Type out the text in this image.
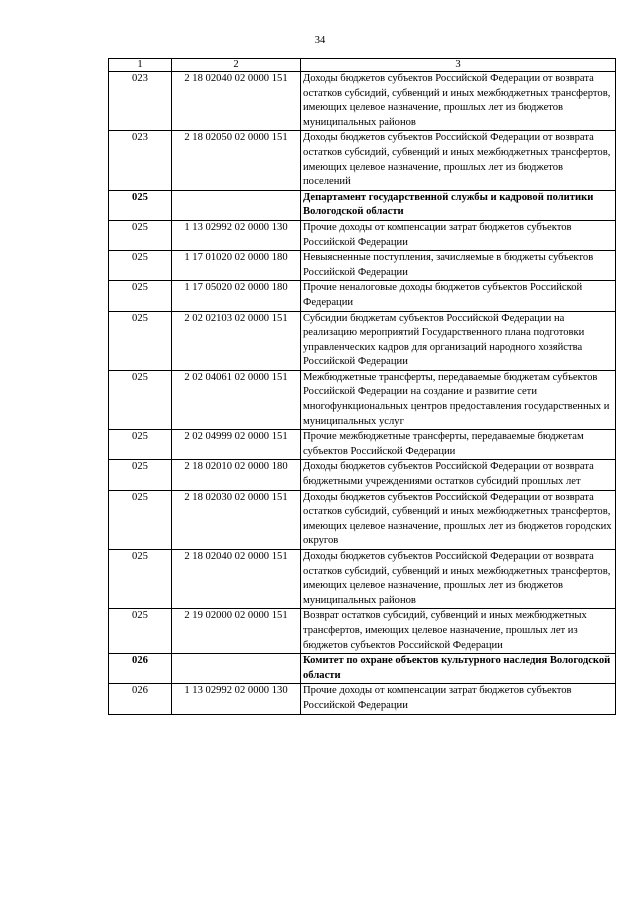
34
1	2	3
023	2 18 02040 02 0000 151	Доходы бюджетов субъектов Российской Федерации от возврата остатков субсидий, субвенций и иных межбюджетных трансфертов, имеющих целевое назначение, прошлых лет из бюджетов муниципальных районов
023	2 18 02050 02 0000 151	Доходы бюджетов субъектов Российской Федерации от возврата остатков субсидий, субвенций и иных межбюджетных трансфертов, имеющих целевое назначение, прошлых лет из бюджетов поселений
025		Департамент государственной службы и кадровой политики Вологодской области
025	1 13 02992 02 0000 130	Прочие доходы от компенсации затрат бюджетов субъектов Российской Федерации
025	1 17 01020 02 0000 180	Невыясненные поступления, зачисляемые в бюджеты субъектов Российской Федерации
025	1 17 05020 02 0000 180	Прочие неналоговые доходы бюджетов субъектов Российской Федерации
025	2 02 02103 02 0000 151	Субсидии бюджетам субъектов Российской Федерации на реализацию мероприятий Государственного плана подготовки управленческих кадров для организаций народного хозяйства Российской Федерации
025	2 02 04061 02 0000 151	Межбюджетные трансферты, передаваемые бюджетам субъектов Российской Федерации на создание и развитие сети многофункциональных центров предоставления государственных и муниципальных услуг
025	2 02 04999 02 0000 151	Прочие межбюджетные трансферты, передаваемые бюджетам субъектов Российской Федерации
025	2 18 02010 02 0000 180	Доходы бюджетов субъектов Российской Федерации от возврата бюджетными учреждениями остатков субсидий прошлых лет
025	2 18 02030 02 0000 151	Доходы бюджетов субъектов Российской Федерации от возврата остатков субсидий, субвенций и иных межбюджетных трансфертов, имеющих целевое назначение, прошлых лет из бюджетов городских округов
025	2 18 02040 02 0000 151	Доходы бюджетов субъектов Российской Федерации от возврата остатков субсидий, субвенций и иных межбюджетных трансфертов, имеющих целевое назначение, прошлых лет из бюджетов муниципальных районов
025	2 19 02000 02 0000 151	Возврат остатков субсидий, субвенций и иных межбюджетных трансфертов, имеющих целевое назначение, прошлых лет из бюджетов субъектов Российской Федерации
026		Комитет по охране объектов культурного наследия Вологодской области
026	1 13 02992 02 0000 130	Прочие доходы от компенсации затрат бюджетов субъектов Российской Федерации
